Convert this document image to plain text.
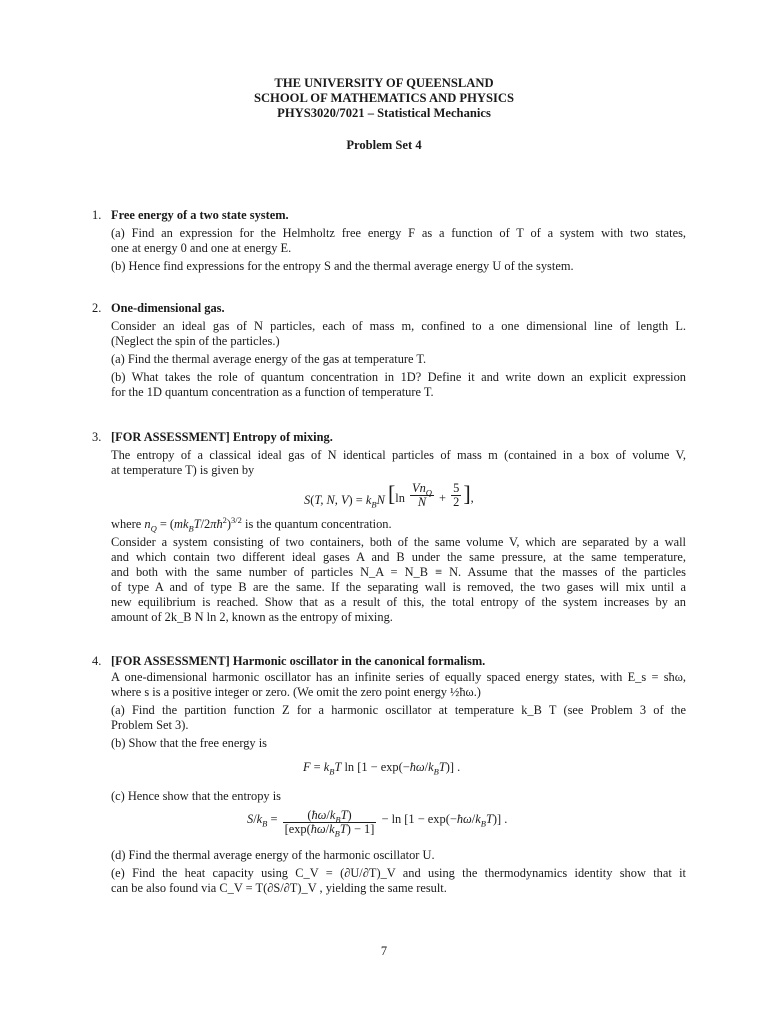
THE UNIVERSITY OF QUEENSLAND
SCHOOL OF MATHEMATICS AND PHYSICS
PHYS3020/7021 – Statistical Mechanics
Problem Set 4
1. Free energy of a two state system.
(a) Find an expression for the Helmholtz free energy F as a function of T of a system with two states,
one at energy 0 and one at energy E.
(b) Hence find expressions for the entropy S and the thermal average energy U of the system.
2. One-dimensional gas.
Consider an ideal gas of N particles, each of mass m, confined to a one dimensional line of length L.
(Neglect the spin of the particles.)
(a) Find the thermal average energy of the gas at temperature T.
(b) What takes the role of quantum concentration in 1D? Define it and write down an explicit expression
for the 1D quantum concentration as a function of temperature T.
3. [FOR ASSESSMENT] Entropy of mixing.
The entropy of a classical ideal gas of N identical particles of mass m (contained in a box of volume V,
at temperature T) is given by
S(T, N, $V) = k_BN$ [$\ln \frac{Vn_Q}{N} + \frac{5}{2}$ ],
where $n_Q$ = $(mk_BT/2\pi ħ^2)^{3/2}$ is the quantum concentration.
Consider a system consisting of two containers, both of the same volume V, which are separated by a wall
and which contain two different ideal gases A and B under the same pressure, at the same temperature,
and both with the same number of particles N_A = N_B ≡ N. Assume that the masses of the particles
of type A and of type B are the same. If the separating wall is removed, the two gases will mix until a
new equilibrium is reached. Show that as a result of this, the total entropy of the system increases by an
amount of 2k_B N ln 2, known as the entropy of mixing.
4. [FOR ASSESSMENT] Harmonic oscillator in the canonical formalism.
A one-dimensional harmonic oscillator has an infinite series of equally spaced energy states, with E_s = sħω,
where s is a positive integer or zero. (We omit the zero point energy ½ħω.)
(a) Find the partition function Z for a harmonic oscillator at temperature k_B T (see Problem 3 of the
Problem Set 3).
(b) Show that the free energy is
$F = k_BT$ $\ln [1 - \exp(-ħ\omega/k_BT)]$ .
(c) Hence show that the entropy is
$S/k_B = \frac{(ħ\omega/k_BT)}{[\exp(ħ\omega/k_BT) - 1]} - \ln [1$ − $\exp(-ħ\omega/k_BT)$] .
(d) Find the thermal average energy of the harmonic oscillator U.
(e) Find the heat capacity using C_V = (∂U/∂T)_V and using the thermodynamics identity show that it
can be also found via C_V = T(∂S/∂T)_V , yielding the same result.
7
